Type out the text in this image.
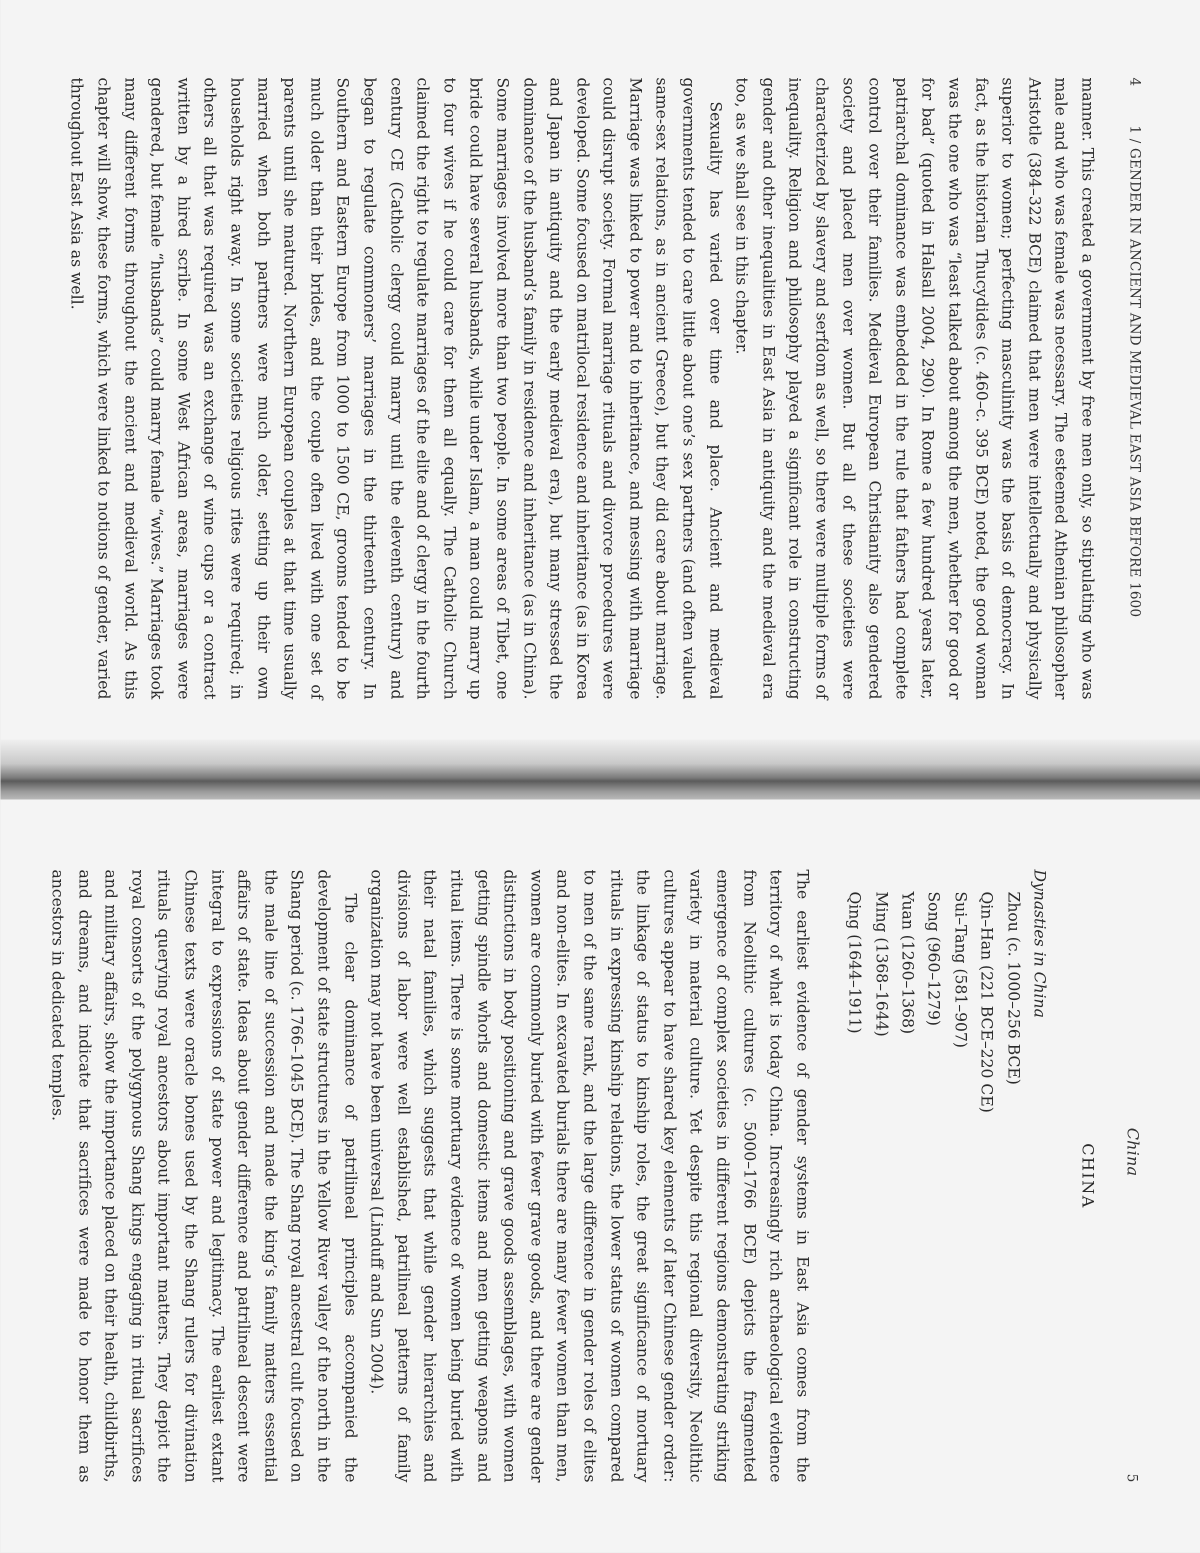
4
1 / GENDER IN ANCIENT AND MEDIEVAL EAST ASIA BEFORE 1600

manner. This created a government by free men only, so stipulating who was male and who was female was necessary. The esteemed Athenian philosopher Aristotle (384–322 BCE) claimed that men were intellectually and physically superior to women; perfecting masculinity was the basis of democracy. In fact, as the historian Thucydides (c. 460–c. 395 BCE) noted, the good woman was the one who was “least talked about among the men, whether for good or for bad” (quoted in Halsall 2004, 290). In Rome a few hundred years later, patriarchal dominance was embedded in the rule that fathers had complete control over their families. Medieval European Christianity also gendered society and placed men over women. But all of these societies were characterized by slavery and serfdom as well, so there were multiple forms of inequality. Religion and philosophy played a significant role in constructing gender and other inequalities in East Asia in antiquity and the medieval era too, as we shall see in this chapter.

Sexuality has varied over time and place. Ancient and medieval governments tended to care little about one’s sex partners (and often valued same-sex relations, as in ancient Greece), but they did care about marriage. Marriage was linked to power and to inheritance, and messing with marriage could disrupt society. Formal marriage rituals and divorce procedures were developed. Some focused on matrilocal residence and inheritance (as in Korea and Japan in antiquity and the early medieval era), but many stressed the dominance of the husband’s family in residence and inheritance (as in China). Some marriages involved more than two people. In some areas of Tibet, one bride could have several husbands, while under Islam, a man could marry up to four wives if he could care for them all equally. The Catholic Church claimed the right to regulate marriages of the elite and of clergy in the fourth century CE (Catholic clergy could marry until the eleventh century) and began to regulate commoners’ marriages in the thirteenth century. In Southern and Eastern Europe from 1000 to 1500 CE, grooms tended to be much older than their brides, and the couple often lived with one set of parents until she matured. Northern European couples at that time usually married when both partners were much older, setting up their own households right away. In some societies religious rites were required; in others all that was required was an exchange of wine cups or a contract written by a hired scribe. In some West African areas, marriages were gendered, but female “husbands” could marry female “wives.” Marriages took many different forms throughout the ancient and medieval world. As this chapter will show, these forms, which were linked to notions of gender, varied throughout East Asia as well.

China
5
CHINA
Dynasties in China
Zhou (c. 1000–256 BCE)
Qin–Han (221 BCE–220 CE)
Sui–Tang (581–907)
Song (960–1279)
Yuan (1260–1368)
Ming (1368–1644)
Qing (1644–1911)

The earliest evidence of gender systems in East Asia comes from the territory of what is today China. Increasingly rich archaeological evidence from Neolithic cultures (c. 5000–1766 BCE) depicts the fragmented emergence of complex societies in different regions demonstrating striking variety in material culture. Yet despite this regional diversity, Neolithic cultures appear to have shared key elements of later Chinese gender order: the linkage of status to kinship roles, the great significance of mortuary rituals in expressing kinship relations, the lower status of women compared to men of the same rank, and the large difference in gender roles of elites and non-elites. In excavated burials there are many fewer women than men, women are commonly buried with fewer grave goods, and there are gender distinctions in body positioning and grave goods assemblages, with women getting spindle whorls and domestic items and men getting weapons and ritual items. There is some mortuary evidence of women being buried with their natal families, which suggests that while gender hierarchies and divisions of labor were well established, patrilineal patterns of family organization may not have been universal (Linduff and Sun 2004).

The clear dominance of patrilineal principles accompanied the development of state structures in the Yellow River valley of the north in the Shang period (c. 1766–1045 BCE). The Shang royal ancestral cult focused on the male line of succession and made the king’s family matters essential affairs of state. Ideas about gender difference and patrilineal descent were integral to expressions of state power and legitimacy. The earliest extant Chinese texts were oracle bones used by the Shang rulers for divination rituals querying royal ancestors about important matters. They depict the royal consorts of the polygynous Shang kings engaging in ritual sacrifices and military affairs, show the importance placed on their health, childbirths, and dreams, and indicate that sacrifices were made to honor them as ancestors in dedicated temples.
